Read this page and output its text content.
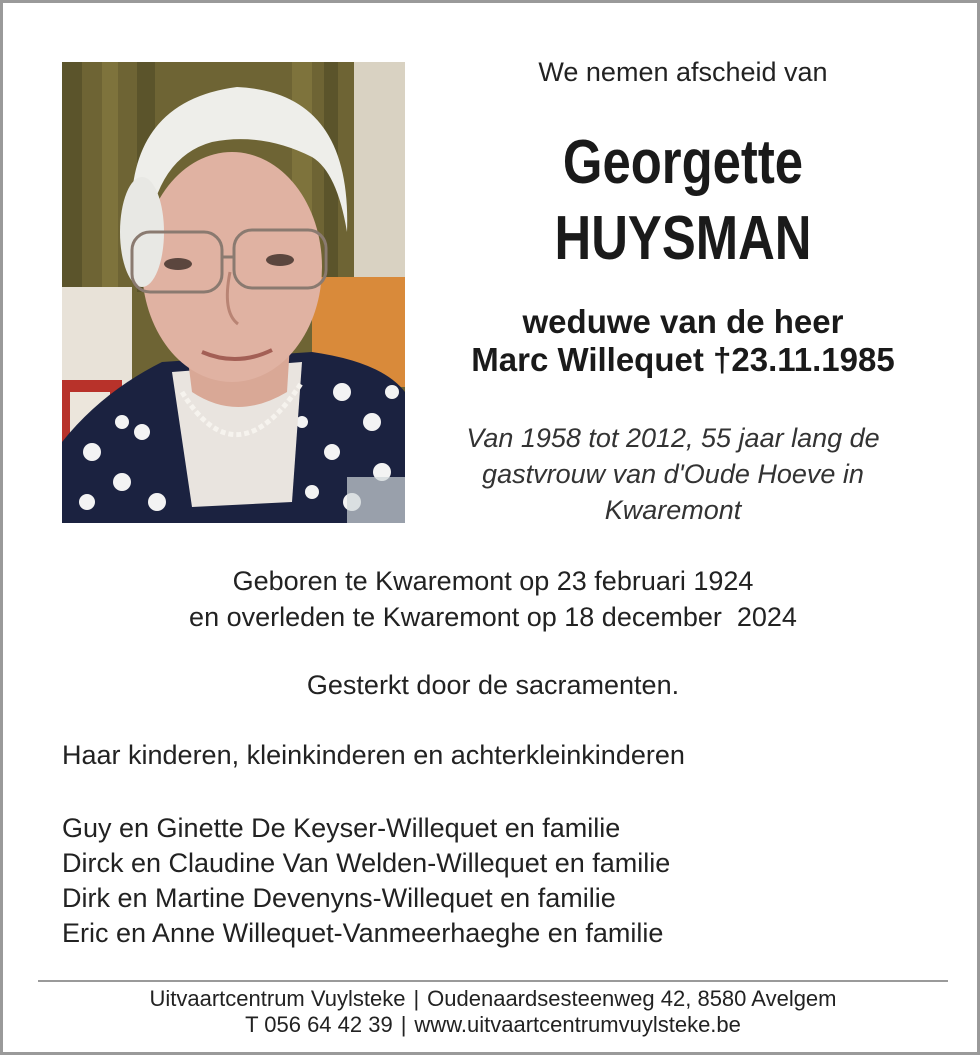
We nemen afscheid van
Georgette
HUYSMAN
weduwe van de heer
Marc Willequet †23.11.1985
Van 1958 tot 2012, 55 jaar lang de
gastvrouw van d'Oude Hoeve in
Kwaremont
Geboren te Kwaremont op 23 februari 1924
en overleden te Kwaremont op 18 december  2024
Gesterkt door de sacramenten.
Haar kinderen, kleinkinderen en achterkleinkinderen
Guy en Ginette De Keyser-Willequet en familie
Dirck en Claudine Van Welden-Willequet en familie
Dirk en Martine Devenyns-Willequet en familie
Eric en Anne Willequet-Vanmeerhaeghe en familie
Uitvaartcentrum Vuylsteke | Oudenaardsesteenweg 42, 8580 Avelgem
T 056 64 42 39 | www.uitvaartcentrumvuylsteke.be
